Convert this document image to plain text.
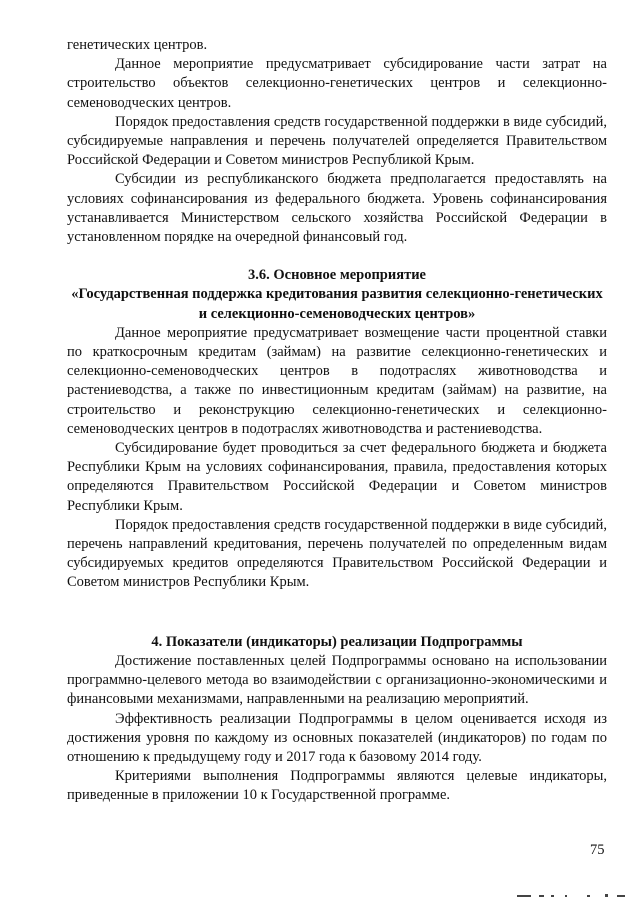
генетических центров.

Данное мероприятие предусматривает субсидирование части затрат на строительство объектов селекционно-генетических центров и селекционно-семеноводческих центров.

Порядок предоставления средств государственной поддержки в виде субсидий, субсидируемые направления и перечень получателей определяется Правительством Российской Федерации и Советом министров Республикой Крым.

Субсидии из республиканского бюджета предполагается предоставлять на условиях софинансирования из федерального бюджета. Уровень софинансирования устанавливается Министерством сельского хозяйства Российской Федерации в установленном порядке на очередной финансовый год.

3.6. Основное мероприятие
«Государственная поддержка кредитования развития селекционно-генетических и селекционно-семеноводческих центров»

Данное мероприятие предусматривает возмещение части процентной ставки по краткосрочным кредитам (займам) на развитие селекционно-генетических и селекционно-семеноводческих центров в подотраслях животноводства и растениеводства, а также по инвестиционным кредитам (займам) на развитие, на строительство и реконструкцию селекционно-генетических и селекционно-семеноводческих центров в подотраслях животноводства и растениеводства.

Субсидирование будет проводиться за счет федерального бюджета и бюджета Республики Крым на условиях софинансирования, правила, предоставления которых определяются Правительством Российской Федерации и Советом министров Республики Крым.

Порядок предоставления средств государственной поддержки в виде субсидий, перечень направлений кредитования, перечень получателей по определенным видам субсидируемых кредитов определяются Правительством Российской Федерации и Советом министров Республики Крым.

4. Показатели (индикаторы) реализации Подпрограммы

Достижение поставленных целей Подпрограммы основано на использовании программно-целевого метода во взаимодействии с организационно-экономическими и финансовыми механизмами, направленными на реализацию мероприятий.

Эффективность реализации Подпрограммы в целом оценивается исходя из достижения уровня по каждому из основных показателей (индикаторов) по годам по отношению к предыдущему году и 2017 года к базовому 2014 году.

Критериями выполнения Подпрограммы являются целевые индикаторы, приведенные в приложении 10 к Государственной программе.

75
